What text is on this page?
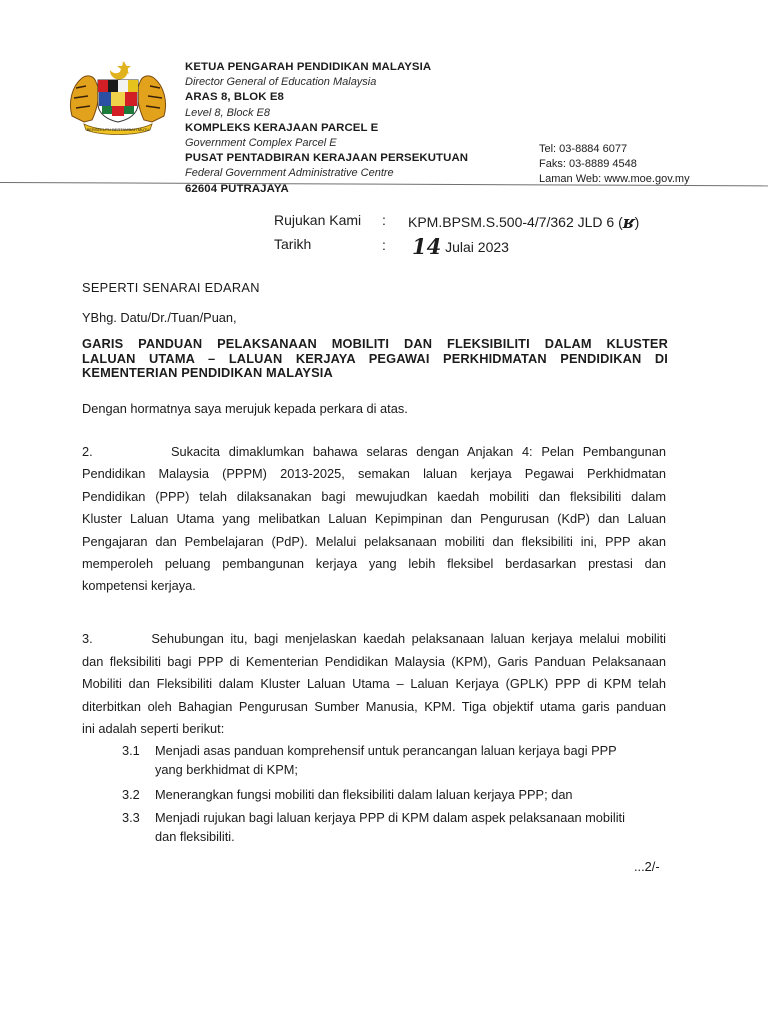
BERSEKUTU BERTAMBAH MUTU
KETUA PENGARAH PENDIDIKAN MALAYSIA
Director General of Education Malaysia
ARAS 8, BLOK E8
Level 8, Block E8
KOMPLEKS KERAJAAN PARCEL E
Government Complex Parcel E
PUSAT PENTADBIRAN KERAJAAN PERSEKUTUAN
Federal Government Administrative Centre
62604 PUTRAJAYA
Tel: 03-8884 6077
Faks: 03-8889 4548
Laman Web: www.moe.gov.my
Rujukan Kami : KPM.BPSM.S.500-4/7/362 JLD 6 (ʁ)
Tarikh	: 14 Julai 2023
SEPERTI SENARAI EDARAN
YBhg. Datu/Dr./Tuan/Puan,
GARIS PANDUAN PELAKSANAAN MOBILITI DAN FLEKSIBILITI DALAM KLUSTER
LALUAN UTAMA – LALUAN KERJAYA PEGAWAI PERKHIDMATAN PENDIDIKAN DI
KEMENTERIAN PENDIDIKAN MALAYSIA
Dengan hormatnya saya merujuk kepada perkara di atas.
2.         Sukacita dimaklumkan bahawa selaras dengan Anjakan 4: Pelan Pembangunan
Pendidikan Malaysia (PPPM) 2013-2025, semakan laluan kerjaya Pegawai Perkhidmatan
Pendidikan (PPP) telah dilaksanakan bagi mewujudkan kaedah mobiliti dan fleksibiliti dalam
Kluster Laluan Utama yang melibatkan Laluan Kepimpinan dan Pengurusan (KdP) dan Laluan
Pengajaran dan Pembelajaran (PdP). Melalui pelaksanaan mobiliti dan fleksibiliti ini, PPP akan
memperoleh peluang pembangunan kerjaya yang lebih fleksibel berdasarkan prestasi dan
kompetensi kerjaya.
3.         Sehubungan itu, bagi menjelaskan kaedah pelaksanaan laluan kerjaya melalui mobiliti
dan fleksibiliti bagi PPP di Kementerian Pendidikan Malaysia (KPM), Garis Panduan Pelaksanaan
Mobiliti dan Fleksibiliti dalam Kluster Laluan Utama – Laluan Kerjaya (GPLK) PPP di KPM telah
diterbitkan oleh Bahagian Pengurusan Sumber Manusia, KPM. Tiga objektif utama garis panduan
ini adalah seperti berikut:
3.1 Menjadi asas panduan komprehensif untuk perancangan laluan kerjaya bagi PPP
yang berkhidmat di KPM;
3.2 Menerangkan fungsi mobiliti dan fleksibiliti dalam laluan kerjaya PPP; dan
3.3 Menjadi rujukan bagi laluan kerjaya PPP di KPM dalam aspek pelaksanaan mobiliti
dan fleksibiliti.
...2/-
